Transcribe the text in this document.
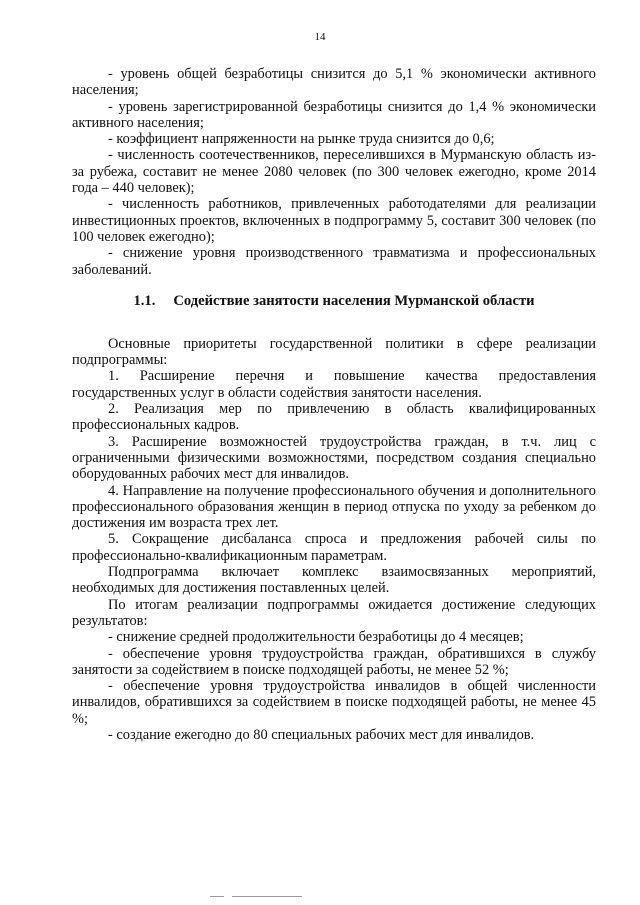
14

- уровень общей безработицы снизится до 5,1 % экономически активного населения;

- уровень зарегистрированной безработицы снизится до 1,4 % экономически активного населения;

- коэффициент напряженности на рынке труда снизится до 0,6;

- численность соотечественников, переселившихся в Мурманскую область из-за рубежа, составит не менее 2080 человек (по 300 человек ежегодно, кроме 2014 года – 440 человек);

- численность работников, привлеченных работодателями для реализации инвестиционных проектов, включенных в подпрограмму 5, составит 300 человек (по 100 человек ежегодно);

- снижение уровня производственного травматизма и профессиональных заболеваний.

1.1. Содействие занятости населения Мурманской области

Основные приоритеты государственной политики в сфере реализации подпрограммы:

1. Расширение перечня и повышение качества предоставления государственных услуг в области содействия занятости населения.

2. Реализация мер по привлечению в область квалифицированных профессиональных кадров.

3. Расширение возможностей трудоустройства граждан, в т.ч. лиц с ограниченными физическими возможностями, посредством создания специально оборудованных рабочих мест для инвалидов.

4. Направление на получение профессионального обучения и дополнительного профессионального образования женщин в период отпуска по уходу за ребенком до достижения им возраста трех лет.

5. Сокращение дисбаланса спроса и предложения рабочей силы по профессионально-квалификационным параметрам.

Подпрограмма включает комплекс взаимосвязанных мероприятий, необходимых для достижения поставленных целей.

По итогам реализации подпрограммы ожидается достижение следующих результатов:

- снижение средней продолжительности безработицы до 4 месяцев;

- обеспечение уровня трудоустройства граждан, обратившихся в службу занятости за содействием в поиске подходящей работы, не менее 52 %;

- обеспечение уровня трудоустройства инвалидов в общей численности инвалидов, обратившихся за содействием в поиске подходящей работы, не менее 45 %;

- создание ежегодно до 80 специальных рабочих мест для инвалидов.
